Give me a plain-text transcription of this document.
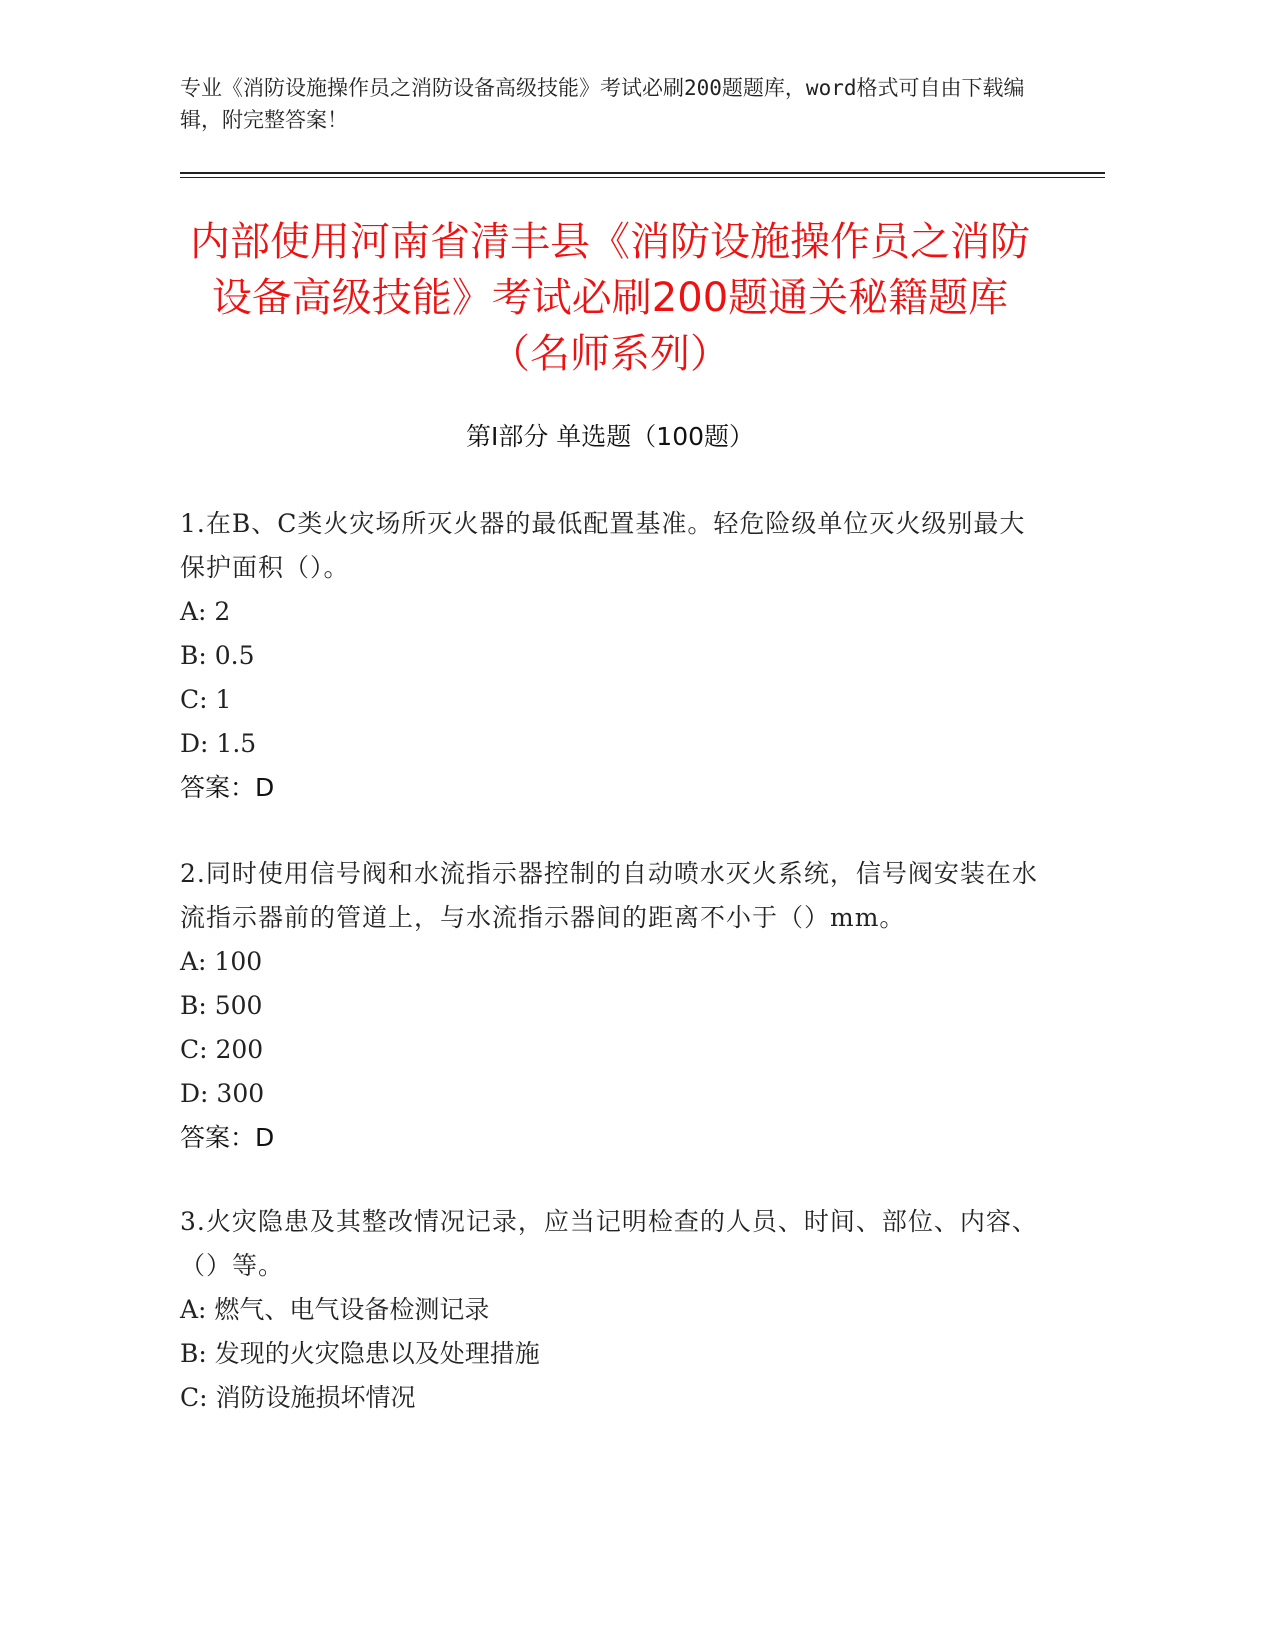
专业《消防设施操作员之消防设备高级技能》考试必刷200题题库，word格式可自由下载编辑，附完整答案！
内部使用河南省清丰县《消防设施操作员之消防设备高级技能》考试必刷200题通关秘籍题库（名师系列）
第I部分 单选题（100题）
1.在B、C类火灾场所灭火器的最低配置基准。轻危险级单位灭火级别最大保护面积（）。
A: 2
B: 0.5
C: 1
D: 1.5
答案：D
2.同时使用信号阀和水流指示器控制的自动喷水灭火系统，信号阀安装在水流指示器前的管道上，与水流指示器间的距离不小于（）mm。
A: 100
B: 500
C: 200
D: 300
答案：D
3.火灾隐患及其整改情况记录，应当记明检查的人员、时间、部位、内容、（）等。
A: 燃气、电气设备检测记录
B: 发现的火灾隐患以及处理措施
C: 消防设施损坏情况
